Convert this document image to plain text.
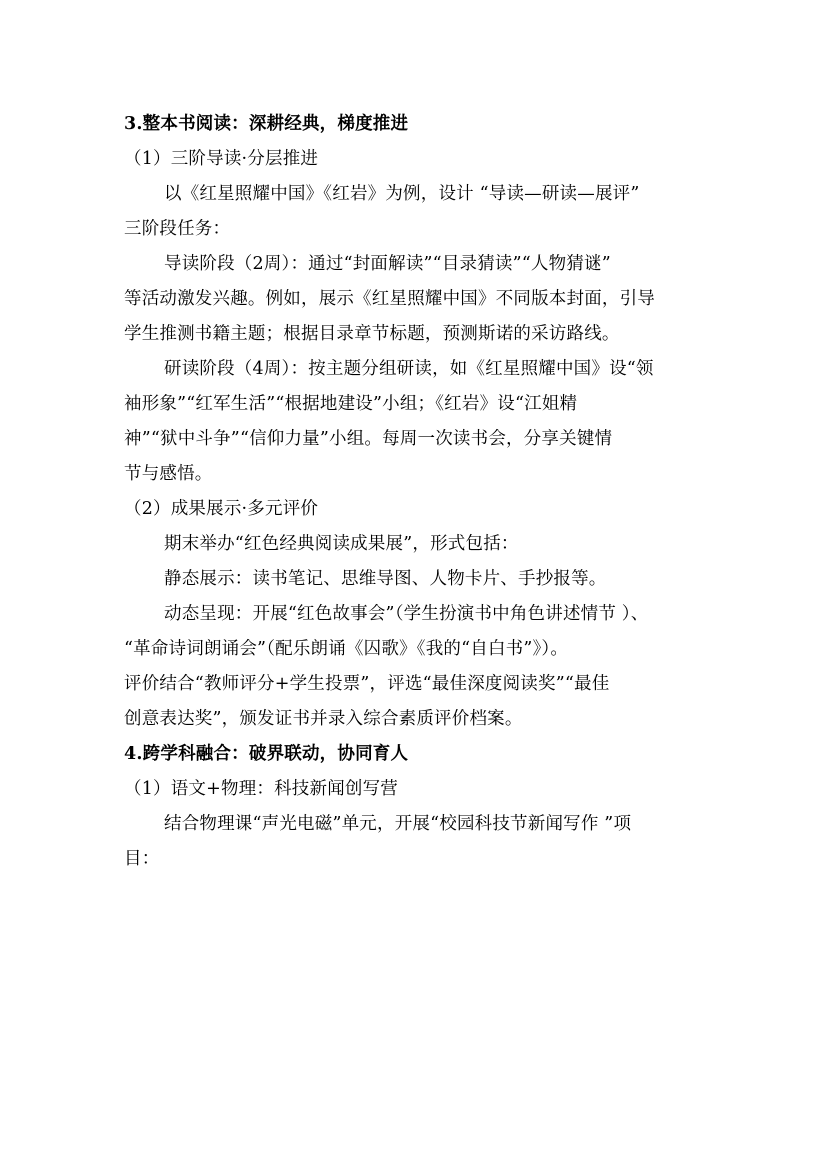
3.整本书阅读：深耕经典，梯度推进
（1）三阶导读·分层推进
以《红星照耀中国》《红岩》为例，设计 “导读—研读—展评”
三阶段任务：
导读阶段（2周）：通过“封面解读”“目录猜读”“人物猜谜”
等活动激发兴趣。例如，展示《红星照耀中国》不同版本封面，引导
学生推测书籍主题；根据目录章节标题，预测斯诺的采访路线。
研读阶段（4周）：按主题分组研读，如《红星照耀中国》设“领
袖形象”“红军生活”“根据地建设”小组；《红岩》设“江姐精
神”“狱中斗争”“信仰力量”小组。每周一次读书会，分享关键情
节与感悟。
（2）成果展示·多元评价
期末举办“红色经典阅读成果展”，形式包括：
静态展示：读书笔记、思维导图、人物卡片、手抄报等。
动态呈现：开展“红色故事会”（学生扮演书中角色讲述情节 ）、
“革命诗词朗诵会”（配乐朗诵《囚歌》《我的“自白书”》）。
评价结合“教师评分+学生投票”，评选“最佳深度阅读奖”“最佳
创意表达奖”，颁发证书并录入综合素质评价档案。
4.跨学科融合：破界联动，协同育人
（1）语文+物理：科技新闻创写营
结合物理课“声光电磁”单元，开展“校园科技节新闻写作 ”项
目：
